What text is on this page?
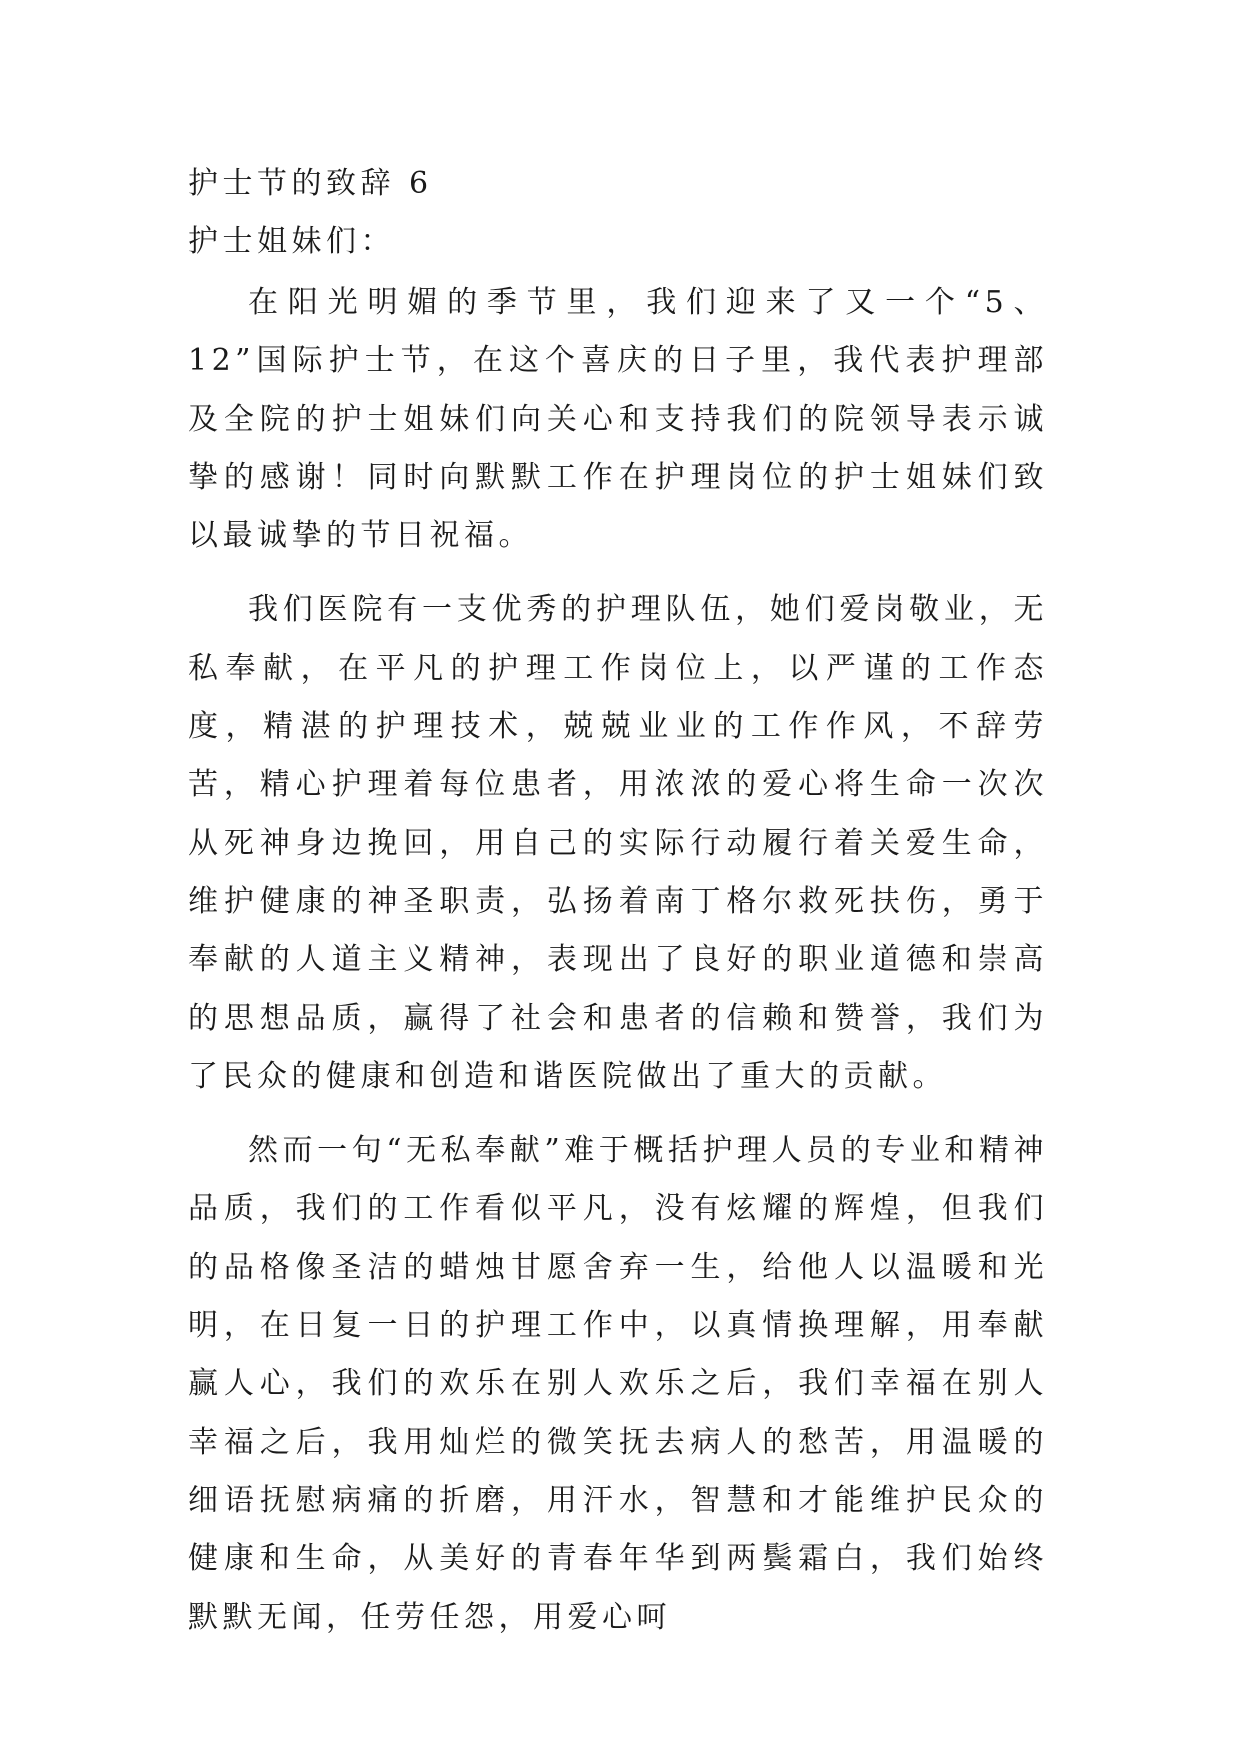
护士节的致辞 6
护士姐妹们：

在阳光明媚的季节里，我们迎来了又一个“5、12”国际护士节，在这个喜庆的日子里，我代表护理部及全院的护士姐妹们向关心和支持我们的院领导表示诚挚的感谢！同时向默默工作在护理岗位的护士姐妹们致以最诚挚的节日祝福。

我们医院有一支优秀的护理队伍，她们爱岗敬业，无私奉献，在平凡的护理工作岗位上，以严谨的工作态度，精湛的护理技术，兢兢业业的工作作风，不辞劳苦，精心护理着每位患者，用浓浓的爱心将生命一次次从死神身边挽回，用自己的实际行动履行着关爱生命，维护健康的神圣职责，弘扬着南丁格尔救死扶伤，勇于奉献的人道主义精神，表现出了良好的职业道德和崇高的思想品质，赢得了社会和患者的信赖和赞誉，我们为了民众的健康和创造和谐医院做出了重大的贡献。

然而一句“无私奉献”难于概括护理人员的专业和精神品质，我们的工作看似平凡，没有炫耀的辉煌，但我们的品格像圣洁的蜡烛甘愿舍弃一生，给他人以温暖和光明，在日复一日的护理工作中，以真情换理解，用奉献赢人心，我们的欢乐在别人欢乐之后，我们幸福在别人幸福之后，我用灿烂的微笑抚去病人的愁苦，用温暖的细语抚慰病痛的折磨，用汗水，智慧和才能维护民众的健康和生命，从美好的青春年华到两鬓霜白，我们始终默默无闻，任劳任怨，用爱心呵
